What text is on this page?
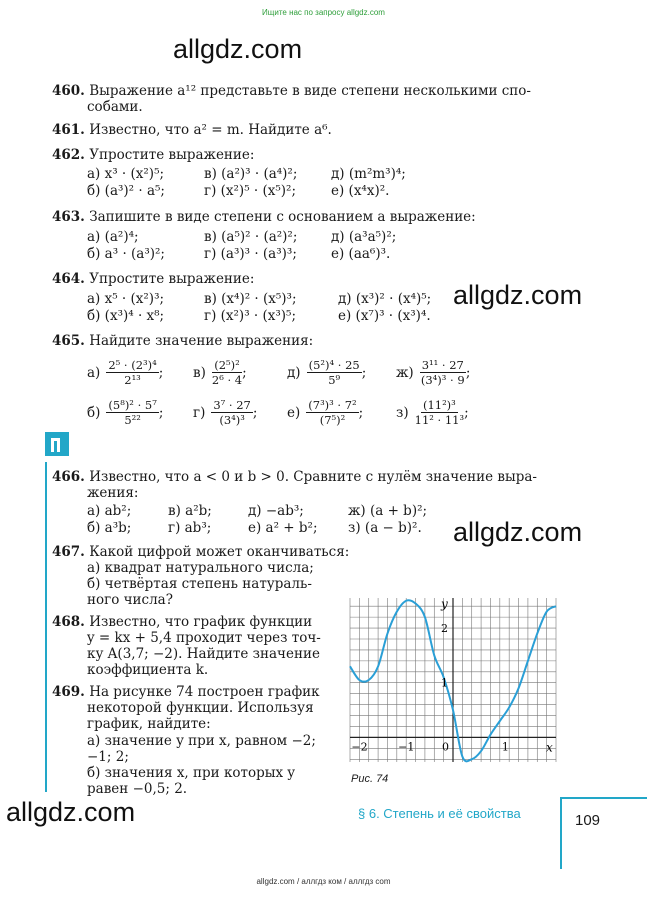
Ищите нас по запросу allgdz.com
allgdz.com
allgdz.com
allgdz.com
allgdz.com
460. Выражение a¹² представьте в виде степени несколькими спо-
собами.
461. Известно, что a² = m. Найдите a⁶.
462. Упростите выражение:
а) x³ · (x²)⁵;	в) (a²)³ · (a⁴)²; д) (m²m³)⁴;
б) (a³)² · a⁵;	г) (x²)⁵ · (x⁵)²;	е) (x⁴x)².
463. Запишите в виде степени с основанием a выражение:
а) (a²)⁴;	в) (a⁵)² · (a²)²; д) (a³a⁵)²;
б) a³ · (a³)²;	г) (a³)³ · (a³)³;	е) (aa⁶)³.
464. Упростите выражение:
а) x⁵ · (x²)³;	в) (x⁴)² · (x⁵)³;	д) (x³)² · (x⁴)⁵;
б) (x³)⁴ · x⁸;	г) (x²)³ · (x³)⁵;	е) (x⁷)³ · (x³)⁴.
465. Найдите значение выражения:
$а) \frac{\text{2⁵ · (2³)⁴}}{\text{2¹³}}$ ; $в) \frac{\text{(2⁵)²}}{\text{2⁶ · 4}}$ ;	$д) \frac{\text{(5²)⁴ · 25}}{\text{5⁹}}$ ; $ж) \frac{\text{3¹¹ · 27}}{\text{(3⁴)³ · 9}}$ ;
$б) \frac{\text{(5⁸)² · 5⁷}}{\text{5²²}}$ ; $г) \frac{\text{3⁷ · 27}}{\text{(3⁴)³}}$ ; $е) \frac{\text{(7³)³ · 7²}}{\text{(7⁵)²}}$ ; $з) \frac{\text{(11²)³}}{\text{11² · 11³}}$ ;
466. Известно, что a < 0 и b > 0. Сравните с нулём значение выра-
жения:
а) ab²;	в) a²b;	д) −ab³;	ж) (a + b)²;
б) a³b;	г) ab³;	е) a² + b²; з) (a − b)².
467. Какой цифрой может оканчиваться:
а) квадрат натурального числа;
б) четвёртая степень натураль-
ного числа?
468. Известно, что график функции
y = kx + 5,4 проходит через точ-
ку A(3,7; −2). Найдите значение
коэффициента k.
469. На рисунке 74 построен график
некоторой функции. Используя
график, найдите:
а) значение y при x, равном −2;
−1; 2;
б) значения x, при которых y
равен −0,5; 2.
x
y
0
−2	−1	1
2
1
Рис. 74
§ 6. Степень и её свойства	109
allgdz.com / аллгдз ком / аллгдз com
